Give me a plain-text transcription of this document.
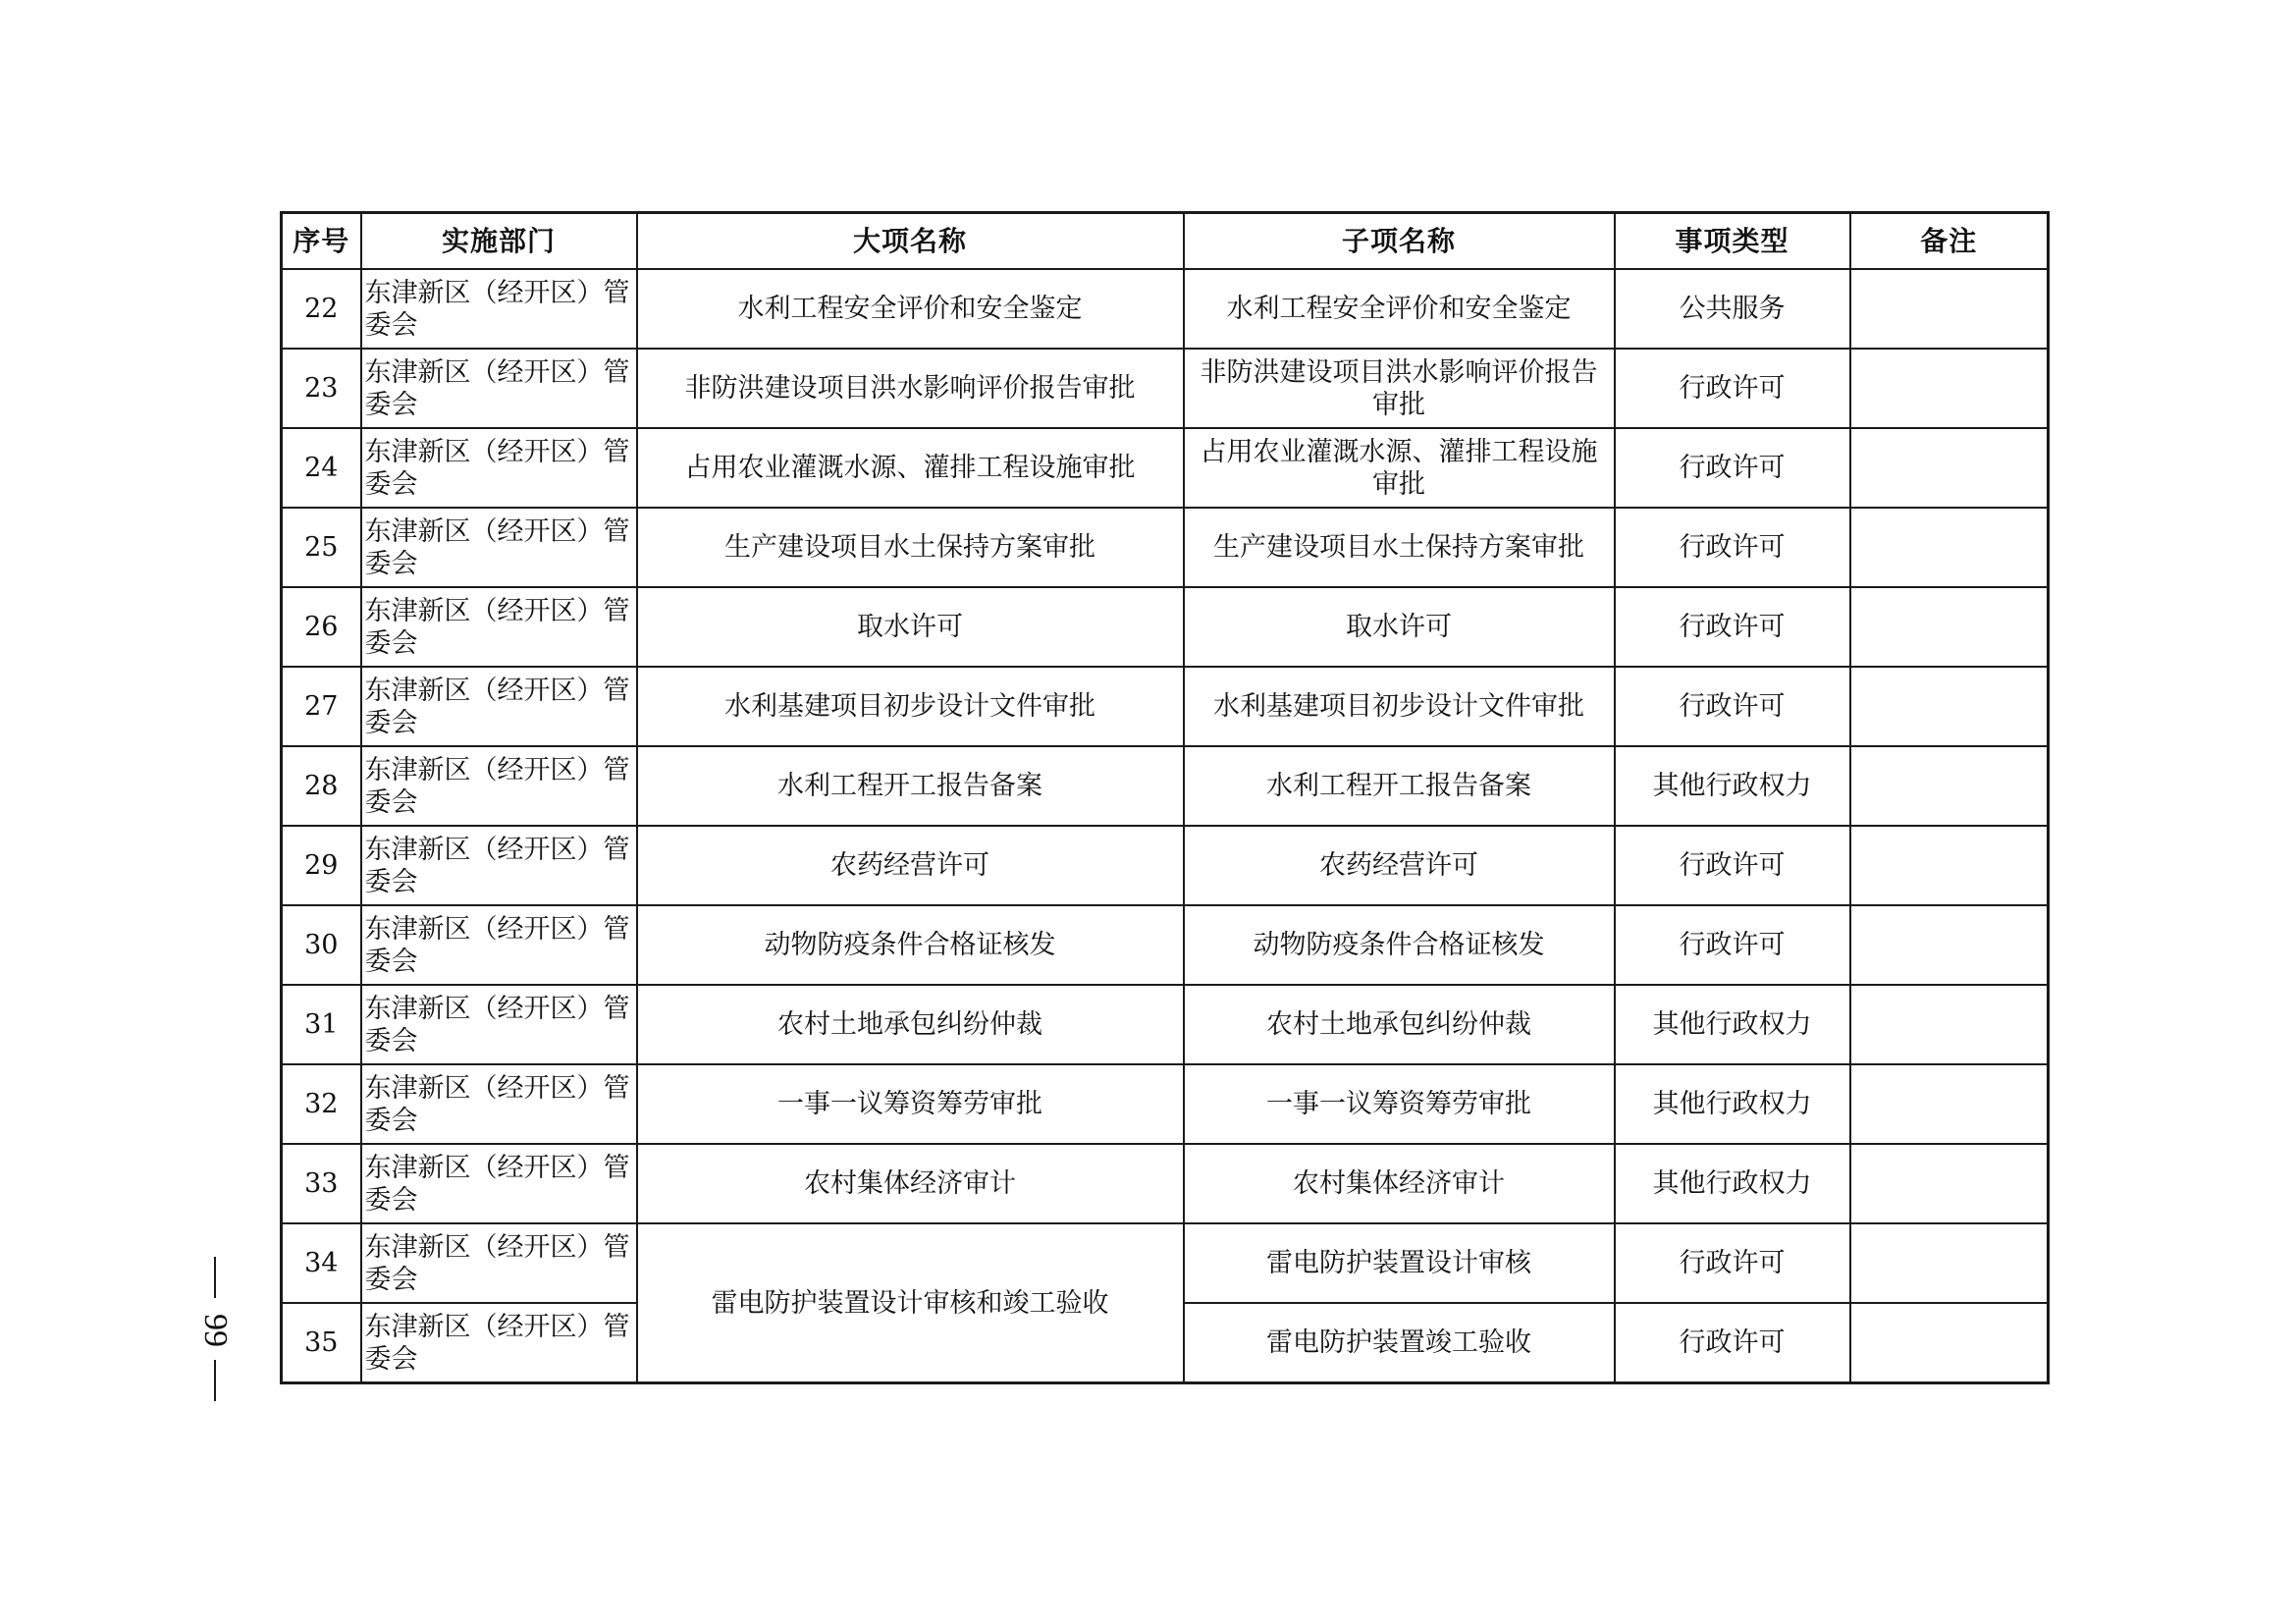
序号	实施部门	大项名称	子项名称	事项类型	备注
22	东津新区（经开区）管委会	水利工程安全评价和安全鉴定	水利工程安全评价和安全鉴定	公共服务	
23	东津新区（经开区）管委会	非防洪建设项目洪水影响评价报告审批	非防洪建设项目洪水影响评价报告审批	行政许可	
24	东津新区（经开区）管委会	占用农业灌溉水源、灌排工程设施审批	占用农业灌溉水源、灌排工程设施审批	行政许可	
25	东津新区（经开区）管委会	生产建设项目水土保持方案审批	生产建设项目水土保持方案审批	行政许可	
26	东津新区（经开区）管委会	取水许可	取水许可	行政许可	
27	东津新区（经开区）管委会	水利基建项目初步设计文件审批	水利基建项目初步设计文件审批	行政许可	
28	东津新区（经开区）管委会	水利工程开工报告备案	水利工程开工报告备案	其他行政权力	
29	东津新区（经开区）管委会	农药经营许可	农药经营许可	行政许可	
30	东津新区（经开区）管委会	动物防疫条件合格证核发	动物防疫条件合格证核发	行政许可	
31	东津新区（经开区）管委会	农村土地承包纠纷仲裁	农村土地承包纠纷仲裁	其他行政权力	
32	东津新区（经开区）管委会	一事一议筹资筹劳审批	一事一议筹资筹劳审批	其他行政权力	
33	东津新区（经开区）管委会	农村集体经济审计	农村集体经济审计	其他行政权力	
34	东津新区（经开区）管委会	雷电防护装置设计审核和竣工验收	雷电防护装置设计审核	行政许可	
35	东津新区（经开区）管委会		雷电防护装置竣工验收	行政许可	
99
